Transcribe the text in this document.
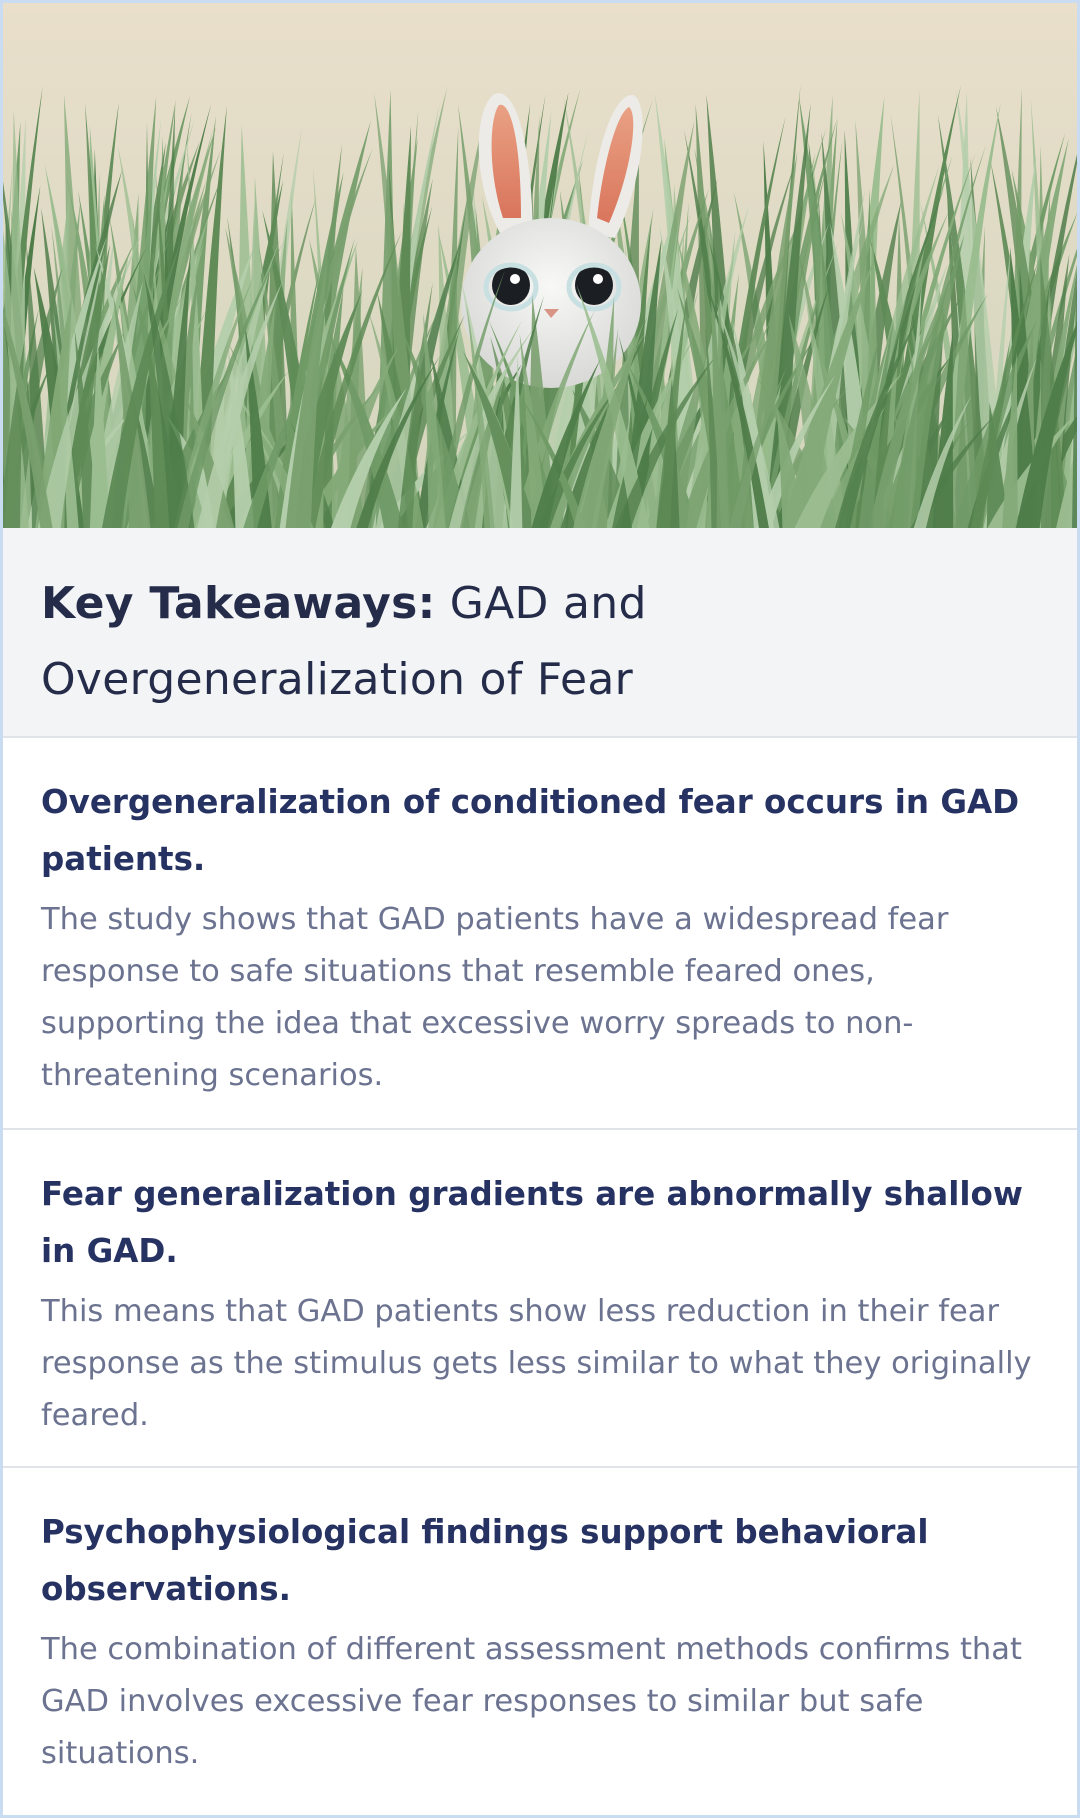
Key Takeaways: GAD and Overgeneralization of Fear
Overgeneralization of conditioned fear occurs in GAD patients.

The study shows that GAD patients have a widespread fear response to safe situations that resemble feared ones, supporting the idea that excessive worry spreads to non-threatening scenarios.

Fear generalization gradients are abnormally shallow in GAD.

This means that GAD patients show less reduction in their fear response as the stimulus gets less similar to what they originally feared.

Psychophysiological findings support behavioral observations.

The combination of different assessment methods confirms that GAD involves excessive fear responses to similar but safe situations.
